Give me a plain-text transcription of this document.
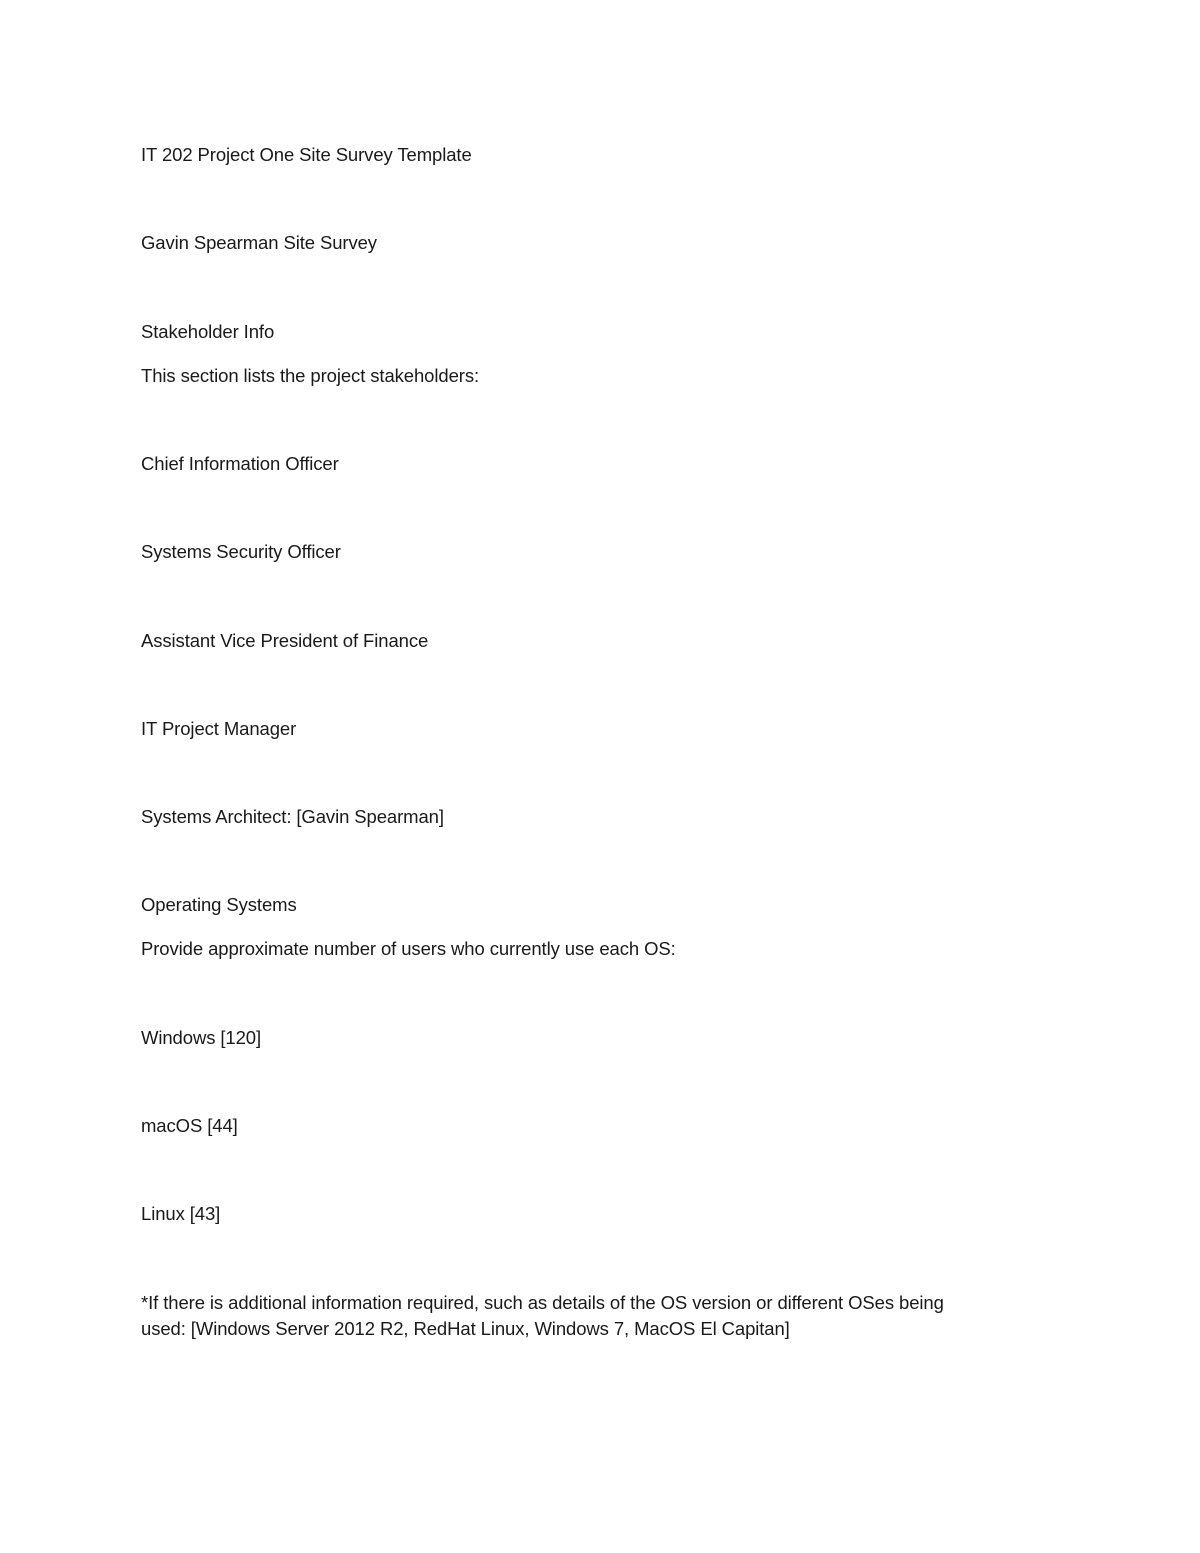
IT 202 Project One Site Survey Template
Gavin Spearman Site Survey
Stakeholder Info
This section lists the project stakeholders:
Chief Information Officer
Systems Security Officer
Assistant Vice President of Finance
IT Project Manager
Systems Architect: [Gavin Spearman]
Operating Systems
Provide approximate number of users who currently use each OS:
Windows [120]
macOS [44]
Linux [43]
*If there is additional information required, such as details of the OS version or different OSes being
used: [Windows Server 2012 R2, RedHat Linux, Windows 7, MacOS El Capitan]
